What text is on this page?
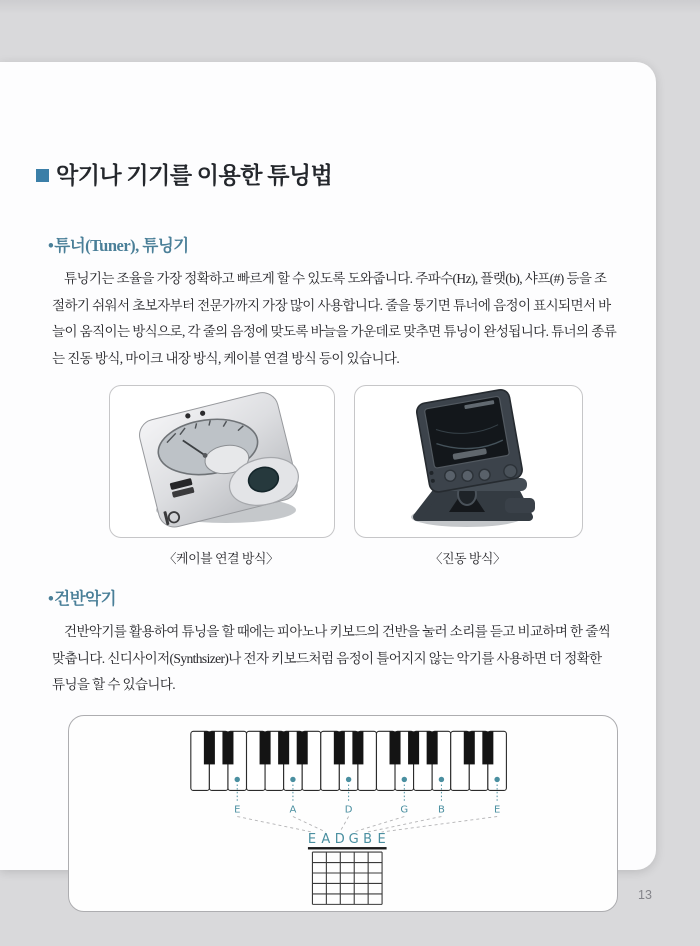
악기나 기기를 이용한 튜닝법
•튜너(Tuner), 튜닝기
튜닝기는 조율을 가장 정확하고 빠르게 할 수 있도록 도와줍니다. 주파수(Hz), 플랫(b), 샤프(#) 등을 조
절하기 쉬워서 초보자부터 전문가까지 가장 많이 사용합니다. 줄을 퉁기면 튜너에 음정이 표시되면서 바
늘이 움직이는 방식으로, 각 줄의 음정에 맞도록 바늘을 가운데로 맞추면 튜닝이 완성됩니다. 튜너의 종류
는 진동 방식, 마이크 내장 방식, 케이블 연결 방식 등이 있습니다.
〈케이블 연결 방식〉	〈진동 방식〉
•건반악기
건반악기를 활용하여 튜닝을 할 때에는 피아노나 키보드의 건반을 눌러 소리를 듣고 비교하며 한 줄씩
맞춥니다. 신디사이저(Synthsizer)나 전자 키보드처럼 음정이 틀어지지 않는 악기를 사용하면 더 정확한
튜닝을 할 수 있습니다.
E	A	D	G	B	E
E A D G B E
13
